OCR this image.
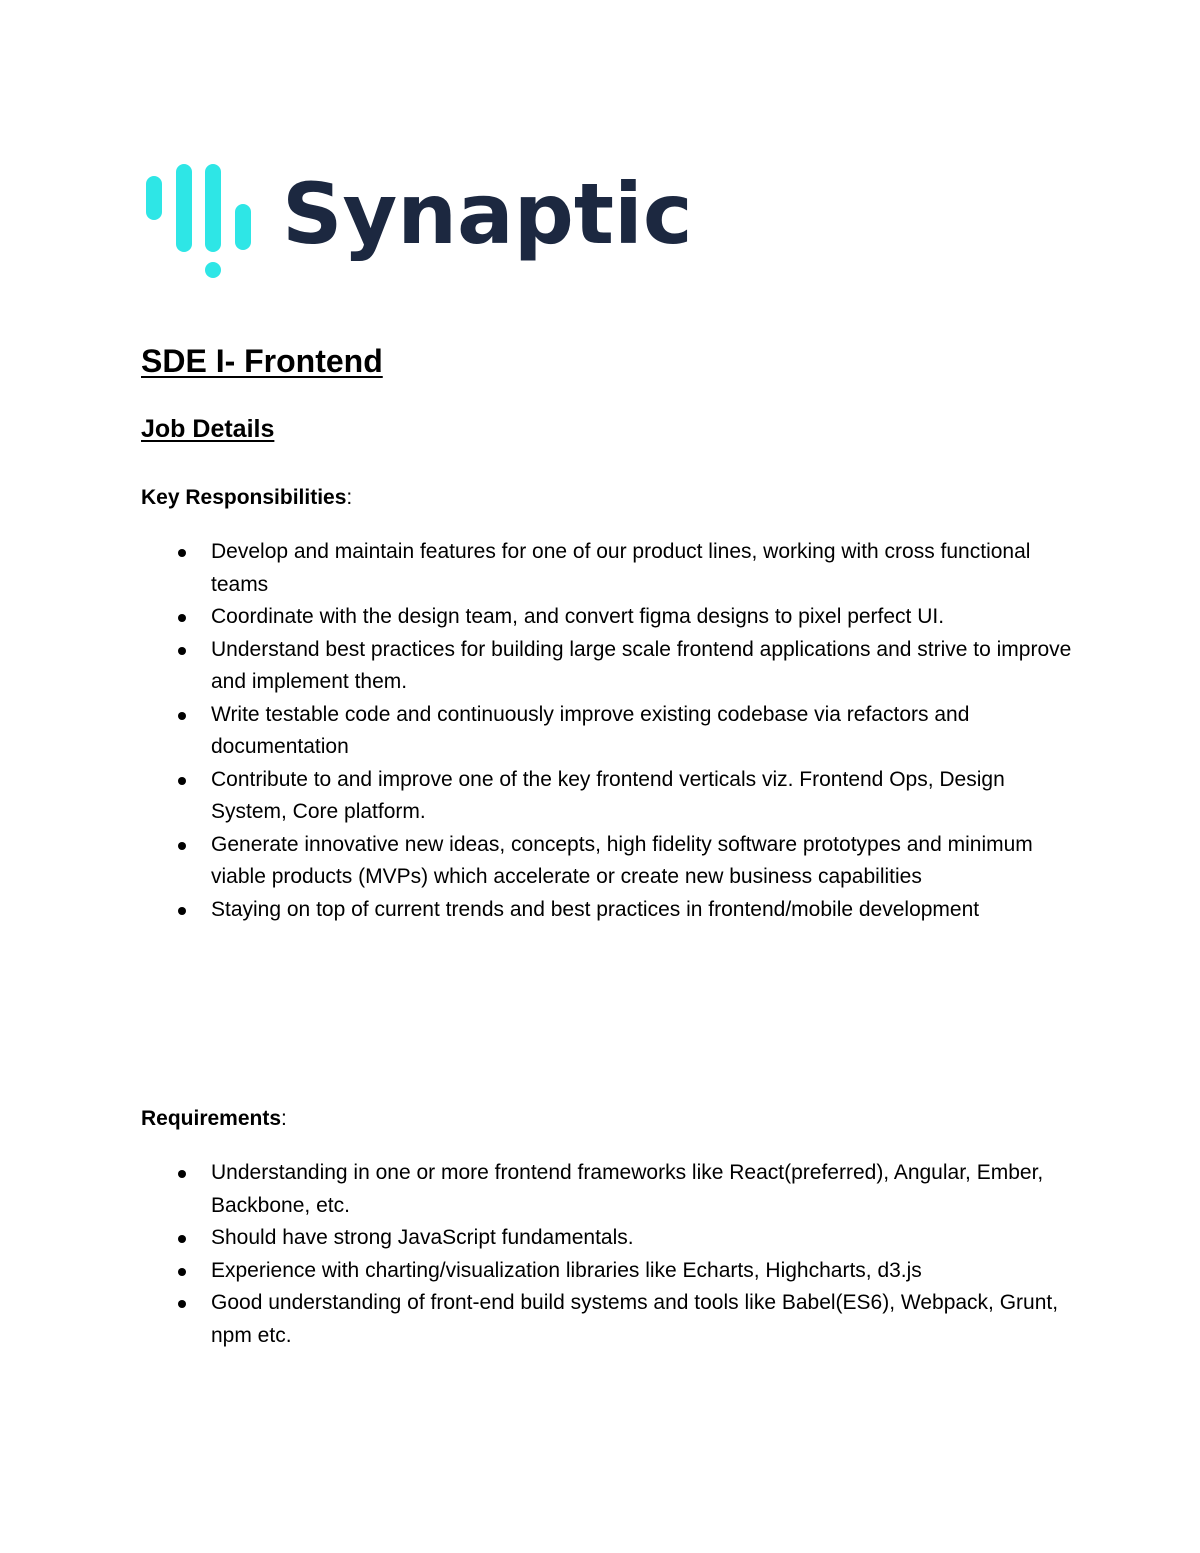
Synaptic
SDE I- Frontend
Job Details
Key Responsibilities:
Develop and maintain features for one of our product lines, working with cross functional teams
Coordinate with the design team, and convert figma designs to pixel perfect UI.
Understand best practices for building large scale frontend applications and strive to improve and implement them.
Write testable code and continuously improve existing codebase via refactors and documentation
Contribute to and improve one of the key frontend verticals viz. Frontend Ops, Design System, Core platform.
Generate innovative new ideas, concepts, high fidelity software prototypes and minimum viable products (MVPs) which accelerate or create new business capabilities
Staying on top of current trends and best practices in frontend/mobile development
Requirements:
Understanding in one or more frontend frameworks like React(preferred), Angular, Ember, Backbone, etc.
Should have strong JavaScript fundamentals.
Experience with charting/visualization libraries like Echarts, Highcharts, d3.js
Good understanding of front-end build systems and tools like Babel(ES6), Webpack, Grunt, npm etc.
